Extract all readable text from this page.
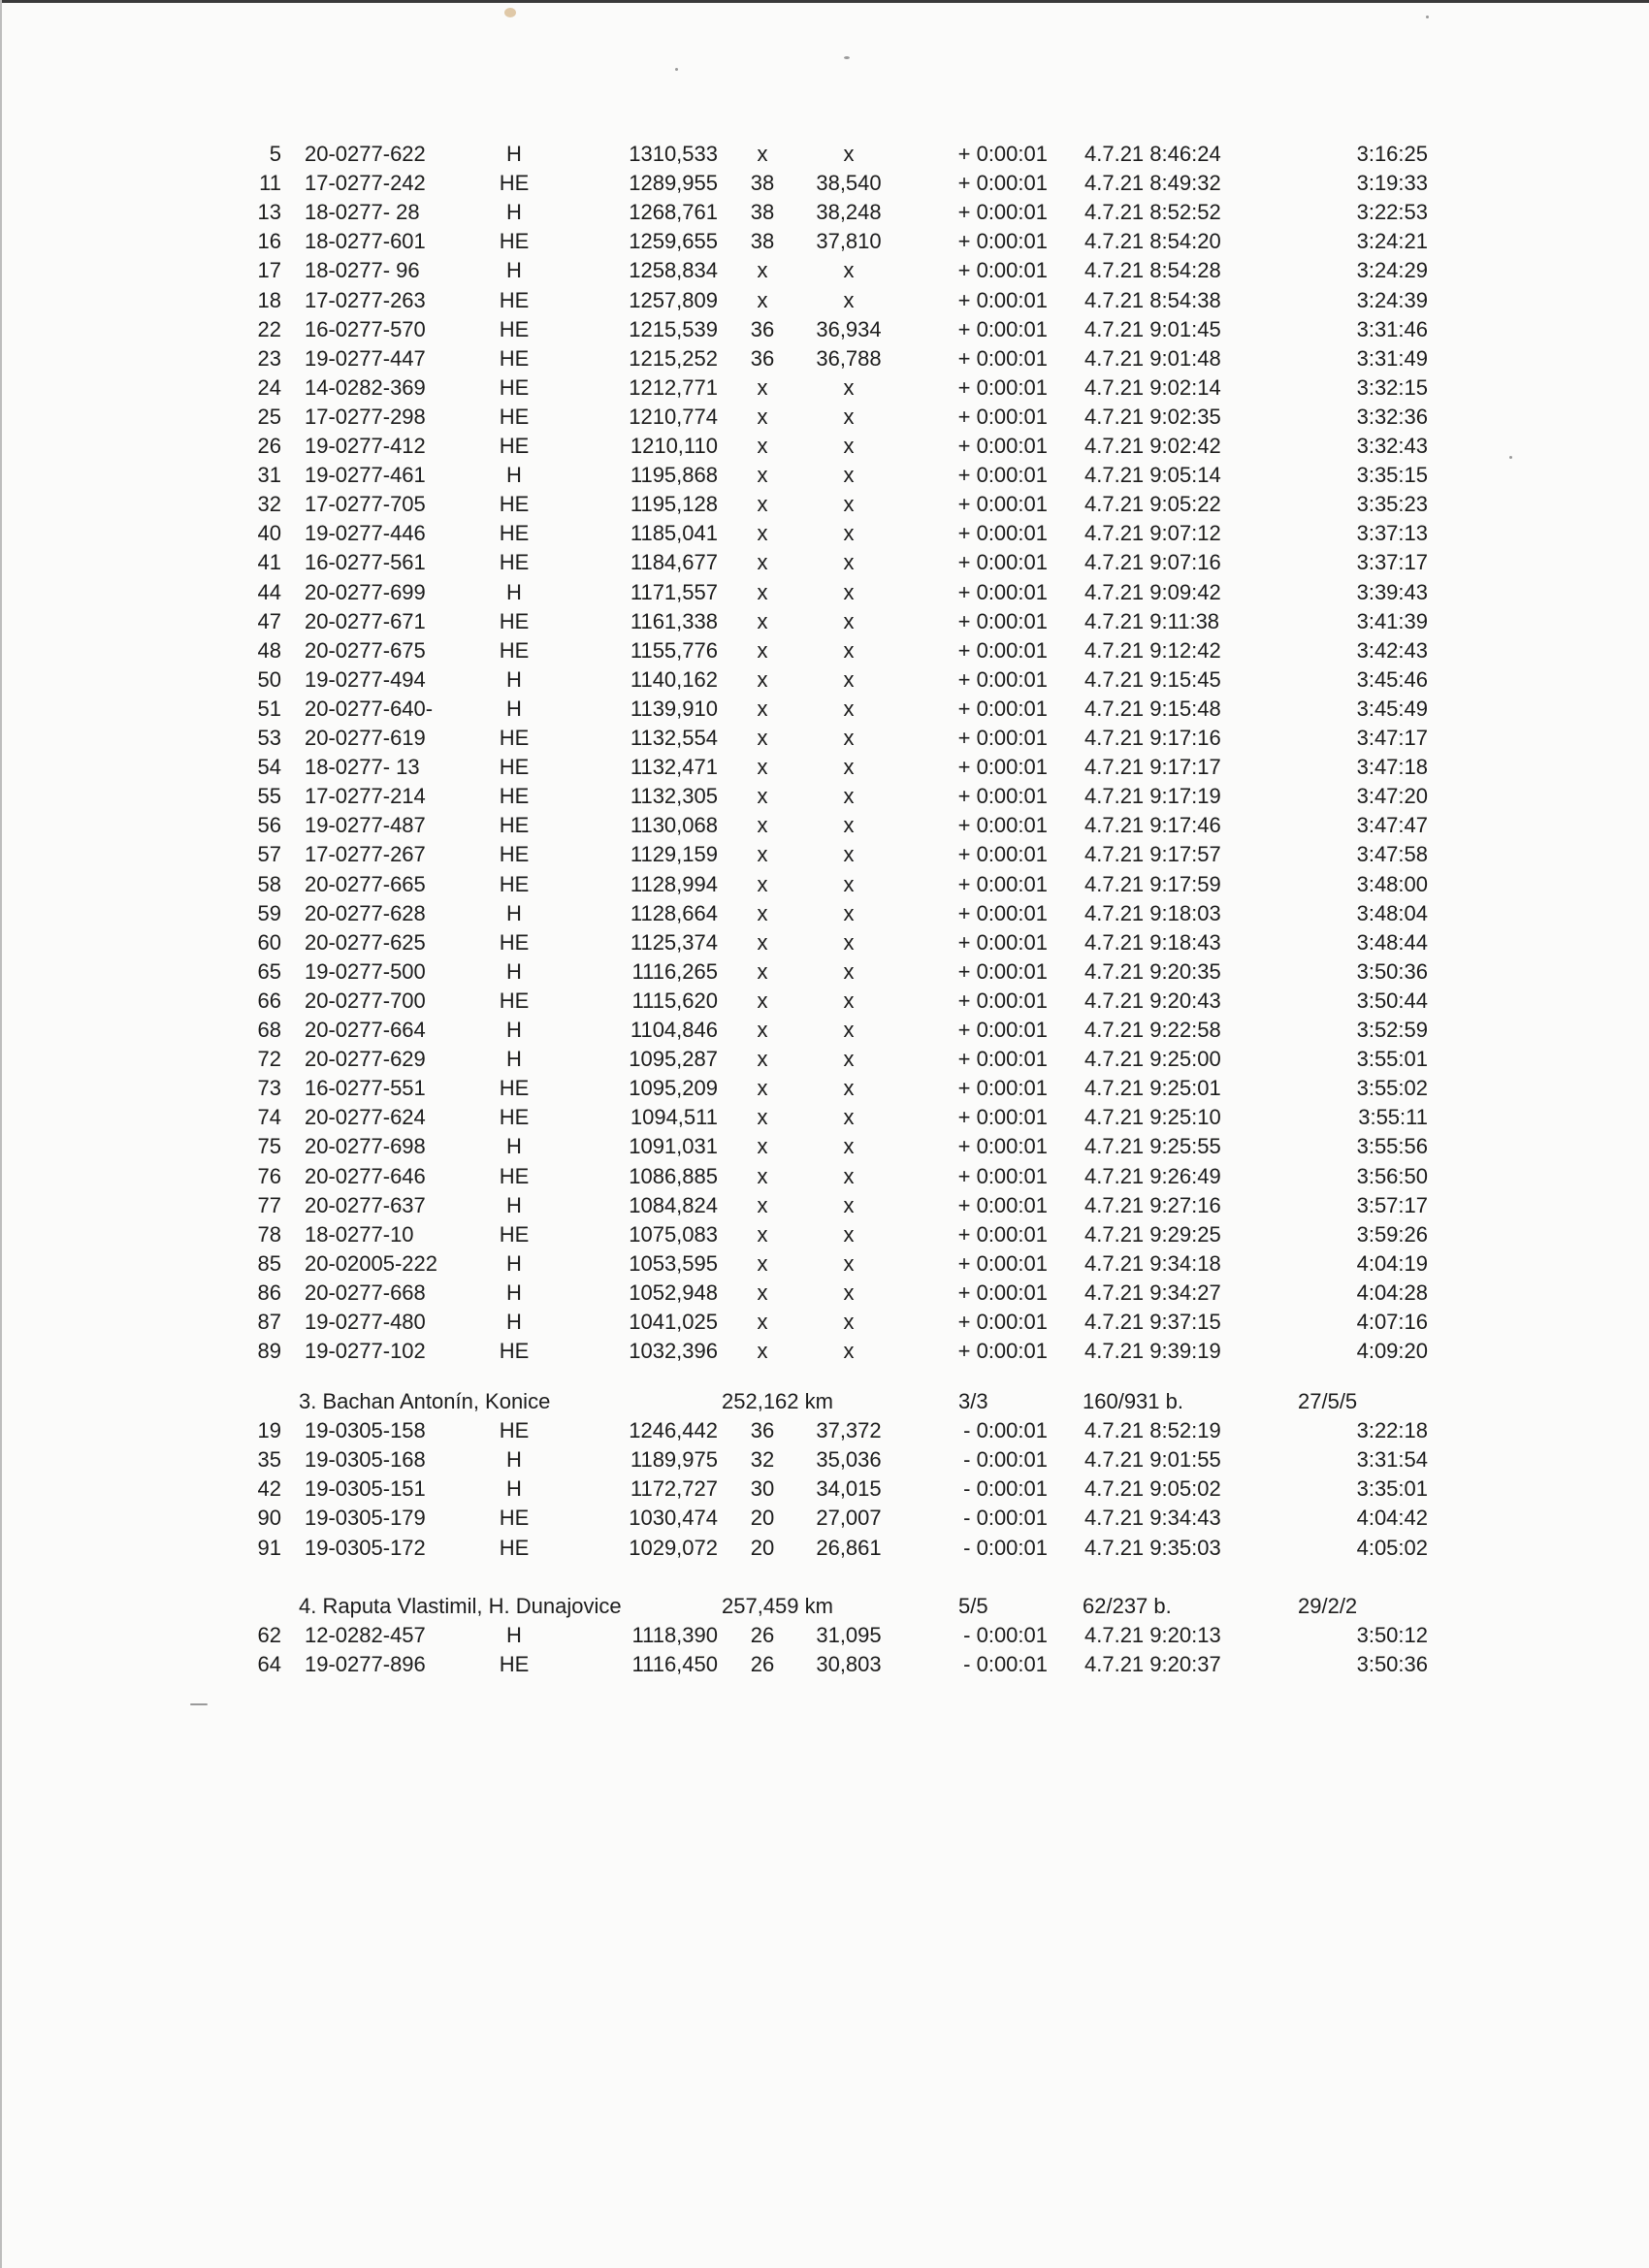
5 20-0277-622	H	1310,533	x	x	+ 0:00:01 4.7.21 8:46:24	3:16:25
11 17-0277-242	HE	1289,955	38	38,540	+ 0:00:01 4.7.21 8:49:32	3:19:33
13 18-0277- 28	H	1268,761	38	38,248	+ 0:00:01 4.7.21 8:52:52	3:22:53
16 18-0277-601	HE	1259,655	38	37,810	+ 0:00:01 4.7.21 8:54:20	3:24:21
17 18-0277- 96	H	1258,834	x	x	+ 0:00:01 4.7.21 8:54:28	3:24:29
18 17-0277-263	HE	1257,809	x	x	+ 0:00:01 4.7.21 8:54:38	3:24:39
22 16-0277-570	HE	1215,539	36	36,934	+ 0:00:01 4.7.21 9:01:45	3:31:46
23 19-0277-447	HE	1215,252	36	36,788	+ 0:00:01 4.7.21 9:01:48	3:31:49
24 14-0282-369	HE	1212,771	x	x	+ 0:00:01 4.7.21 9:02:14	3:32:15
25 17-0277-298	HE	1210,774	x	x	+ 0:00:01 4.7.21 9:02:35	3:32:36
26 19-0277-412	HE	1210,110	x	x	+ 0:00:01 4.7.21 9:02:42	3:32:43
31 19-0277-461	H	1195,868	x	x	+ 0:00:01 4.7.21 9:05:14	3:35:15
32 17-0277-705	HE	1195,128	x	x	+ 0:00:01 4.7.21 9:05:22	3:35:23
40 19-0277-446	HE	1185,041	x	x	+ 0:00:01 4.7.21 9:07:12	3:37:13
41 16-0277-561	HE	1184,677	x	x	+ 0:00:01 4.7.21 9:07:16	3:37:17
44 20-0277-699	H	1171,557	x	x	+ 0:00:01 4.7.21 9:09:42	3:39:43
47 20-0277-671	HE	1161,338	x	x	+ 0:00:01 4.7.21 9:11:38	3:41:39
48 20-0277-675	HE	1155,776	x	x	+ 0:00:01 4.7.21 9:12:42	3:42:43
50 19-0277-494	H	1140,162	x	x	+ 0:00:01 4.7.21 9:15:45	3:45:46
51 20-0277-640-	H	1139,910	x	x	+ 0:00:01 4.7.21 9:15:48	3:45:49
53 20-0277-619	HE	1132,554	x	x	+ 0:00:01 4.7.21 9:17:16	3:47:17
54 18-0277- 13	HE	1132,471	x	x	+ 0:00:01 4.7.21 9:17:17	3:47:18
55 17-0277-214	HE	1132,305	x	x	+ 0:00:01 4.7.21 9:17:19	3:47:20
56 19-0277-487	HE	1130,068	x	x	+ 0:00:01 4.7.21 9:17:46	3:47:47
57 17-0277-267	HE	1129,159	x	x	+ 0:00:01 4.7.21 9:17:57	3:47:58
58 20-0277-665	HE	1128,994	x	x	+ 0:00:01 4.7.21 9:17:59	3:48:00
59 20-0277-628	H	1128,664	x	x	+ 0:00:01 4.7.21 9:18:03	3:48:04
60 20-0277-625	HE	1125,374	x	x	+ 0:00:01 4.7.21 9:18:43	3:48:44
65 19-0277-500	H	1116,265	x	x	+ 0:00:01 4.7.21 9:20:35	3:50:36
66 20-0277-700	HE	1115,620	x	x	+ 0:00:01 4.7.21 9:20:43	3:50:44
68 20-0277-664	H	1104,846	x	x	+ 0:00:01 4.7.21 9:22:58	3:52:59
72 20-0277-629	H	1095,287	x	x	+ 0:00:01 4.7.21 9:25:00	3:55:01
73 16-0277-551	HE	1095,209	x	x	+ 0:00:01 4.7.21 9:25:01	3:55:02
74 20-0277-624	HE	1094,511	x	x	+ 0:00:01 4.7.21 9:25:10	3:55:11
75 20-0277-698	H	1091,031	x	x	+ 0:00:01 4.7.21 9:25:55	3:55:56
76 20-0277-646	HE	1086,885	x	x	+ 0:00:01 4.7.21 9:26:49	3:56:50
77 20-0277-637	H	1084,824	x	x	+ 0:00:01 4.7.21 9:27:16	3:57:17
78 18-0277-10	HE	1075,083	x	x	+ 0:00:01 4.7.21 9:29:25	3:59:26
85 20-02005-222	H	1053,595	x	x	+ 0:00:01 4.7.21 9:34:18	4:04:19
86 20-0277-668	H	1052,948	x	x	+ 0:00:01 4.7.21 9:34:27	4:04:28
87 19-0277-480	H	1041,025	x	x	+ 0:00:01 4.7.21 9:37:15	4:07:16
89 19-0277-102	HE	1032,396	x	x	+ 0:00:01 4.7.21 9:39:19	4:09:20
3. Bachan Antonín, Konice	252,162 km	3/3	160/931 b.	27/5/5
19 19-0305-158	HE	1246,442	36	37,372	- 0:00:01 4.7.21 8:52:19	3:22:18
35 19-0305-168	H	1189,975	32	35,036	- 0:00:01 4.7.21 9:01:55	3:31:54
42 19-0305-151	H	1172,727	30	34,015	- 0:00:01 4.7.21 9:05:02	3:35:01
90 19-0305-179	HE	1030,474	20	27,007	- 0:00:01 4.7.21 9:34:43	4:04:42
91 19-0305-172	HE	1029,072	20	26,861	- 0:00:01 4.7.21 9:35:03	4:05:02
4. Raputa Vlastimil, H. Dunajovice	257,459 km	5/5	62/237 b.	29/2/2
62 12-0282-457	H	1118,390	26	31,095	- 0:00:01 4.7.21 9:20:13	3:50:12
64 19-0277-896	HE	1116,450	26	30,803	- 0:00:01 4.7.21 9:20:37	3:50:36
